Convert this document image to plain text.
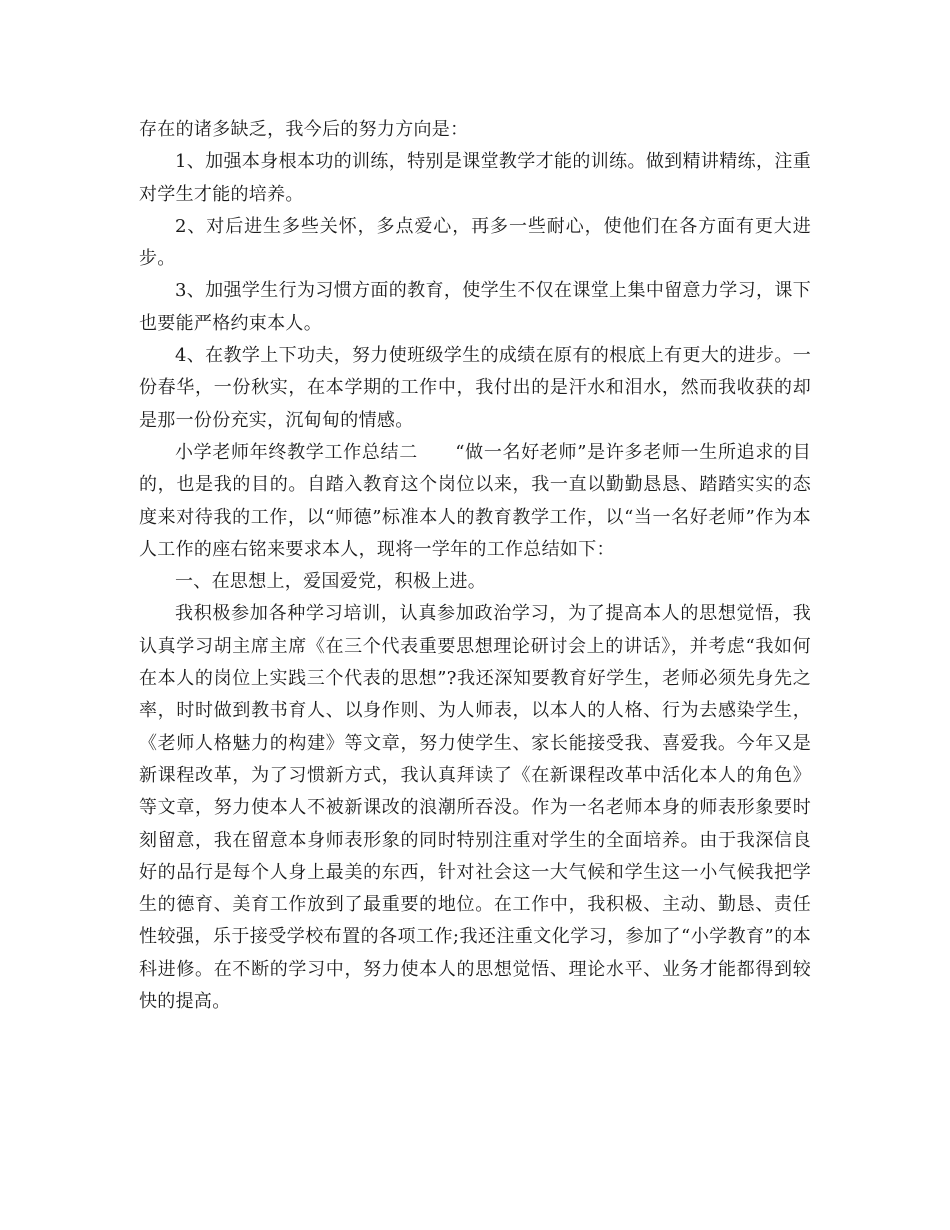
存在的诸多缺乏，我今后的努力方向是：

1、加强本身根本功的训练，特别是课堂教学才能的训练。做到精讲精练，注重对学生才能的培养。

2、对后进生多些关怀，多点爱心，再多一些耐心，使他们在各方面有更大进步。

3、加强学生行为习惯方面的教育，使学生不仅在课堂上集中留意力学习，课下也要能严格约束本人。

4、在教学上下功夫，努力使班级学生的成绩在原有的根底上有更大的进步。一份春华，一份秋实，在本学期的工作中，我付出的是汗水和泪水，然而我收获的却是那一份份充实，沉甸甸的情感。

小学老师年终教学工作总结二　　“做一名好老师”是许多老师一生所追求的目的，也是我的目的。自踏入教育这个岗位以来，我一直以勤勤恳恳、踏踏实实的态度来对待我的工作，以“师德”标准本人的教育教学工作，以“当一名好老师”作为本人工作的座右铭来要求本人，现将一学年的工作总结如下：

一、在思想上，爱国爱党，积极上进。

我积极参加各种学习培训，认真参加政治学习，为了提高本人的思想觉悟，我认真学习胡主席主席《在三个代表重要思想理论研讨会上的讲话》，并考虑“我如何在本人的岗位上实践三个代表的思想”?我还深知要教育好学生，老师必须先身先之率，时时做到教书育人、以身作则、为人师表，以本人的人格、行为去感染学生，《老师人格魅力的构建》等文章，努力使学生、家长能接受我、喜爱我。今年又是新课程改革，为了习惯新方式，我认真拜读了《在新课程改革中活化本人的角色》等文章，努力使本人不被新课改的浪潮所吞没。作为一名老师本身的师表形象要时刻留意，我在留意本身师表形象的同时特别注重对学生的全面培养。由于我深信良好的品行是每个人身上最美的东西，针对社会这一大气候和学生这一小气候我把学生的德育、美育工作放到了最重要的地位。在工作中，我积极、主动、勤恳、责任性较强，乐于接受学校布置的各项工作;我还注重文化学习，参加了“小学教育”的本科进修。在不断的学习中，努力使本人的思想觉悟、理论水平、业务才能都得到较快的提高。
